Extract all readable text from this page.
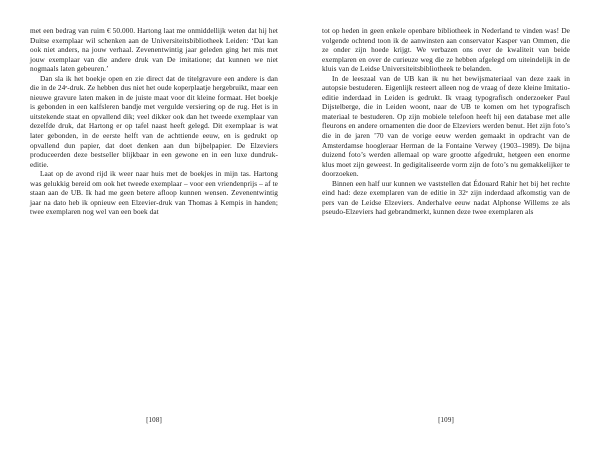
met een bedrag van ruim € 50.000. Hartong laat me onmiddellijk weten dat hij het Duitse exemplaar wil schenken aan de Universiteitsbibliotheek Leiden: ‘Dat kan ook niet anders, na jouw verhaal. Zevenentwintig jaar geleden ging het mis met jouw exemplaar van die andere druk van De imitatione; dat kunnen we niet nogmaals laten gebeuren.’

Dan sla ik het boekje open en zie direct dat de titelgravure een andere is dan die in de 24ᵉ-druk. Ze hebben dus niet het oude koperplaatje hergebruikt, maar een nieuwe gravure laten maken in de juiste maat voor dit kleine formaat. Het boekje is gebonden in een kalfsleren bandje met vergulde versiering op de rug. Het is in uitstekende staat en opvallend dik; veel dikker ook dan het tweede exemplaar van dezelfde druk, dat Hartong er op tafel naast heeft gelegd. Dit exemplaar is wat later gebonden, in de eerste helft van de achttiende eeuw, en is gedrukt op opvallend dun papier, dat doet denken aan dun bijbelpapier. De Elzeviers produceerden deze bestseller blijkbaar in een gewone en in een luxe dundruk-editie.

Laat op de avond rijd ik weer naar huis met de boekjes in mijn tas. Hartong was gelukkig bereid om ook het tweede exemplaar – voor een vriendenprijs – af te staan aan de UB. Ik had me geen betere afloop kunnen wensen. Zevenentwintig jaar na dato heb ik opnieuw een Elzevier-druk van Thomas à Kempis in handen; twee exemplaren nog wel van een boek dat

[108]

tot op heden in geen enkele openbare bibliotheek in Nederland te vinden was! De volgende ochtend toon ik de aanwinsten aan conservator Kasper van Ommen, die ze onder zijn hoede krijgt. We verbazen ons over de kwaliteit van beide exemplaren en over de curieuze weg die ze hebben afgelegd om uiteindelijk in de kluis van de Leidse Universiteitsbibliotheek te belanden.

In de leeszaal van de UB kan ik nu het bewijsmateriaal van deze zaak in autopsie bestuderen. Eigenlijk resteert alleen nog de vraag of deze kleine Imitatio-editie inderdaad in Leiden is gedrukt. Ik vraag typografisch onderzoeker Paul Dijstelberge, die in Leiden woont, naar de UB te komen om het typografisch materiaal te bestuderen. Op zijn mobiele telefoon heeft hij een database met alle fleurons en andere ornamenten die door de Elzeviers werden benut. Het zijn foto’s die in de jaren ’70 van de vorige eeuw werden gemaakt in opdracht van de Amsterdamse hoogleraar Herman de la Fontaine Verwey (1903–1989). De bijna duizend foto’s werden allemaal op ware grootte afgedrukt, hetgeen een enorme klus moet zijn geweest. In gedigitaliseerde vorm zijn de foto’s nu gemakkelijker te doorzoeken.

Binnen een half uur kunnen we vaststellen dat Édouard Rahir het bij het rechte eind had: deze exemplaren van de editie in 32ᵉ zijn inderdaad afkomstig van de pers van de Leidse Elzeviers. Anderhalve eeuw nadat Alphonse Willems ze als pseudo-Elzeviers had gebrandmerkt, kunnen deze twee exemplaren als

[109]
